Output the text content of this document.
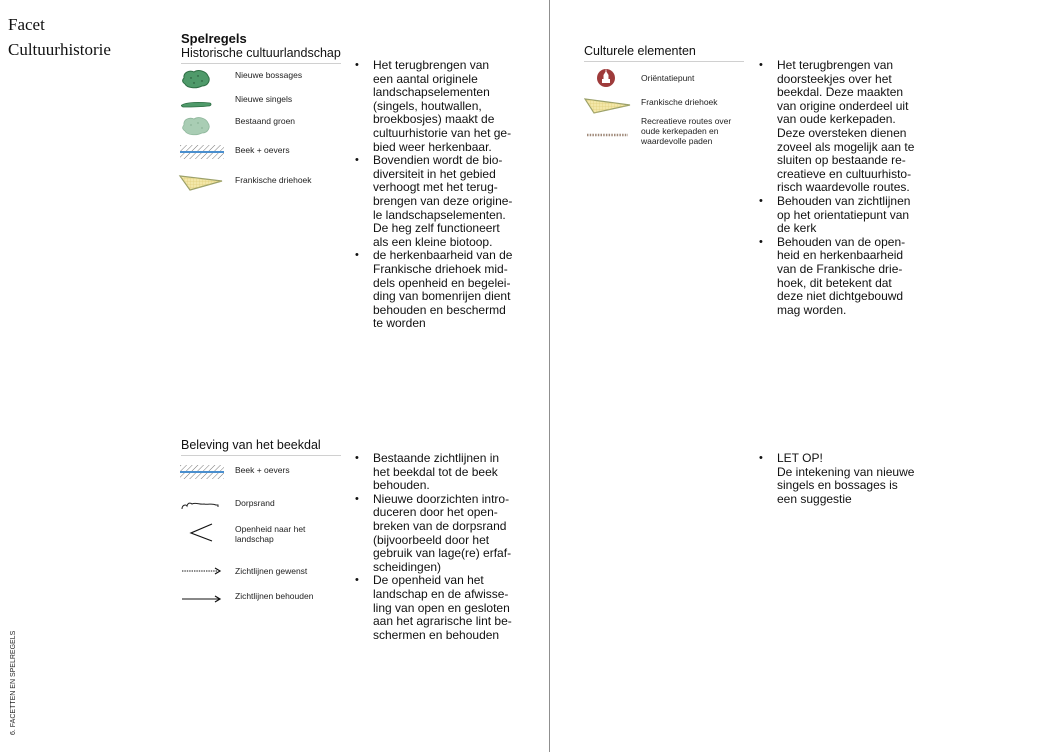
Facet
Cultuurhistorie
6. FACETTEN EN SPELREGELS
Spelregels
Historische cultuurlandschap
Nieuwe bossages
Nieuwe singels
Bestaand groen
Beek + oevers
Frankische driehoek
• Het terugbrengen van
een aantal originele
landschapselementen
(singels, houtwallen,
broekbosjes) maakt de
cultuurhistorie van het ge-
bied weer herkenbaar.
• Bovendien wordt de bio-
diversiteit in het gebied
verhoogt met het terug-
brengen van deze origine-
le landschapselementen.
De heg zelf functioneert
als een kleine biotoop.
• de herkenbaarheid van de
Frankische driehoek mid-
dels openheid en begelei-
ding van bomenrijen dient
behouden en beschermd
te worden
Culturele elementen
Oriëntatiepunt
Frankische driehoek
Recreatieve routes over
oude kerkepaden en
waardevolle paden
• Het terugbrengen van
doorsteekjes over het
beekdal. Deze maakten
van origine onderdeel uit
van oude kerkepaden.
Deze oversteken dienen
zoveel als mogelijk aan te
sluiten op bestaande re-
creatieve en cultuurhisto-
risch waardevolle routes.
• Behouden van zichtlijnen
op het orientatiepunt van
de kerk
• Behouden van de open-
heid en herkenbaarheid
van de Frankische drie-
hoek, dit betekent dat
deze niet dichtgebouwd
mag worden.
Beleving van het beekdal
Beek + oevers
Dorpsrand
Openheid naar het
landschap
Zichtlijnen gewenst
Zichtlijnen behouden
• Bestaande zichtlijnen in
het beekdal tot de beek
behouden.
• Nieuwe doorzichten intro-
duceren door het open-
breken van de dorpsrand
(bijvoorbeeld door het
gebruik van lage(re) erfaf-
scheidingen)
• De openheid van het
landschap en de afwisse-
ling van open en gesloten
aan het agrarische lint be-
schermen en behouden
• LET OP!
De intekening van nieuwe
singels en bossages is
een suggestie
